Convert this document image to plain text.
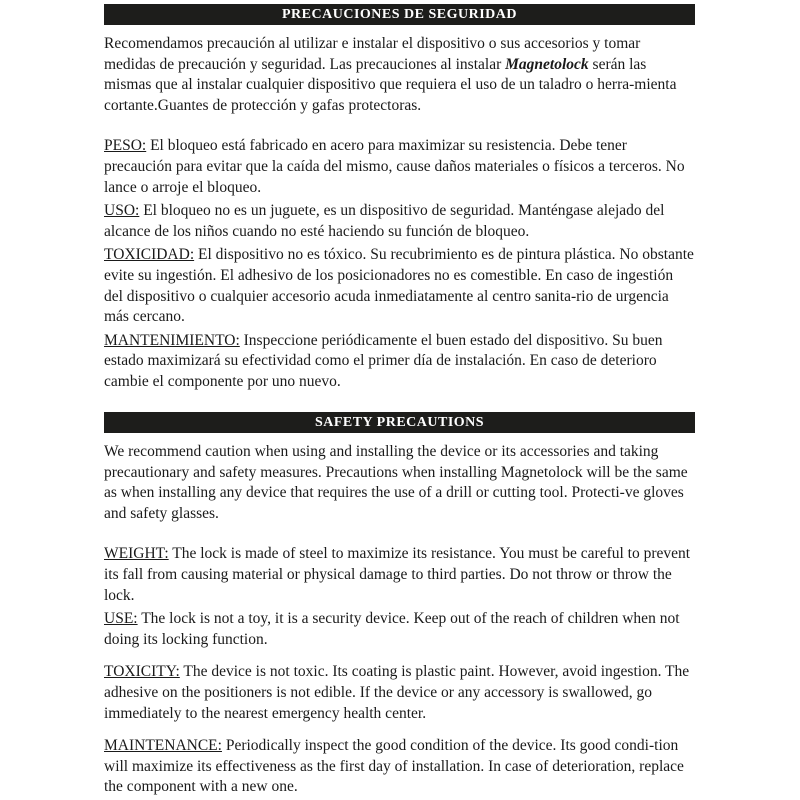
PRECAUCIONES DE SEGURIDAD

Recomendamos precaución al utilizar e instalar el dispositivo o sus accesorios y tomar medidas de precaución y seguridad. Las precauciones al instalar Magnetolock serán las mismas que al instalar cualquier dispositivo que requiera el uso de un taladro o herra-mienta cortante.Guantes de protección y gafas protectoras.

PESO: El bloqueo está fabricado en acero para maximizar su resistencia. Debe tener precaución para evitar que la caída del mismo, cause daños materiales o físicos a terceros. No lance o arroje el bloqueo.

USO: El bloqueo no es un juguete, es un dispositivo de seguridad. Manténgase alejado del alcance de los niños cuando no esté haciendo su función de bloqueo.

TOXICIDAD: El dispositivo no es tóxico. Su recubrimiento es de pintura plástica. No obstante evite su ingestión. El adhesivo de los posicionadores no es comestible. En caso de ingestión del dispositivo o cualquier accesorio acuda inmediatamente al centro sanita-rio de urgencia más cercano.

MANTENIMIENTO: Inspeccione periódicamente el buen estado del dispositivo. Su buen estado maximizará su efectividad como el primer día de instalación. En caso de deterioro cambie el componente por uno nuevo.

SAFETY PRECAUTIONS

We recommend caution when using and installing the device or its accessories and taking precautionary and safety measures. Precautions when installing Magnetolock will be the same as when installing any device that requires the use of a drill or cutting tool. Protecti-ve gloves and safety glasses.

WEIGHT: The lock is made of steel to maximize its resistance. You must be careful to prevent its fall from causing material or physical damage to third parties. Do not throw or throw the lock.

USE: The lock is not a toy, it is a security device. Keep out of the reach of children when not doing its locking function.

TOXICITY: The device is not toxic. Its coating is plastic paint. However, avoid ingestion. The adhesive on the positioners is not edible. If the device or any accessory is swallowed, go immediately to the nearest emergency health center.

MAINTENANCE: Periodically inspect the good condition of the device. Its good condi-tion will maximize its effectiveness as the first day of installation. In case of deterioration, replace the component with a new one.
